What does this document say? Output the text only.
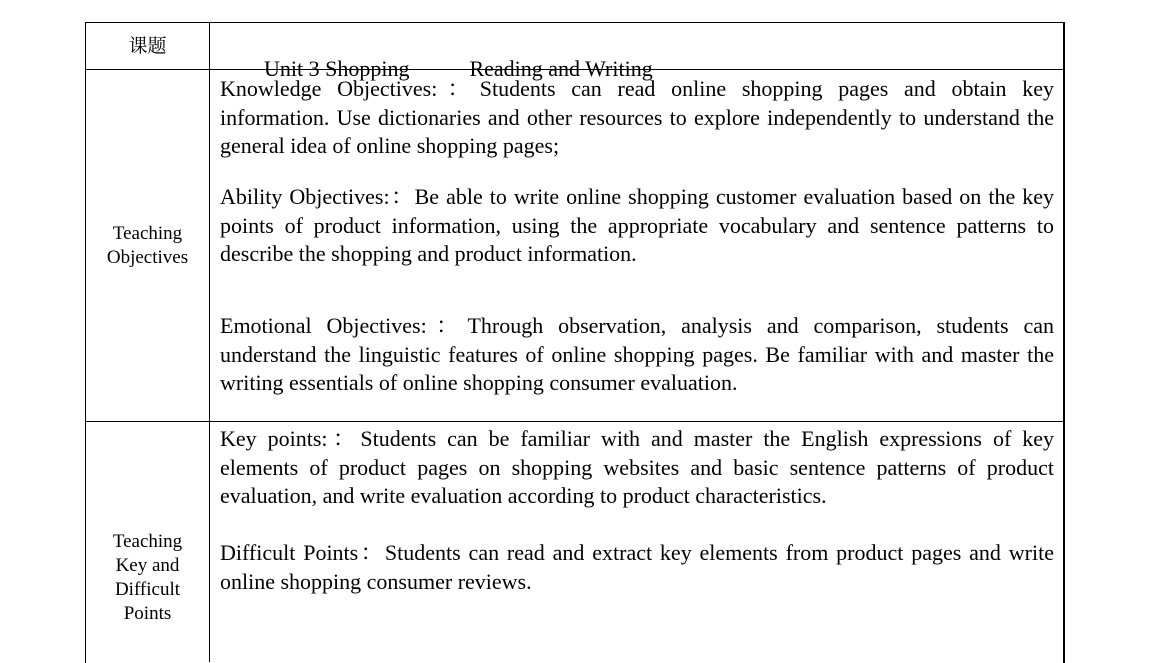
课题

Unit 3 Shopping	Reading and Writing

Teaching Objectives

Knowledge Objectives:：Students can read online shopping pages and obtain key information. Use dictionaries and other resources to explore independently to understand the general idea of online shopping pages;

Ability Objectives:：Be able to write online shopping customer evaluation based on the key points of product information, using the appropriate vocabulary and sentence patterns to describe the shopping and product information.

Emotional Objectives:：Through observation, analysis and comparison, students can understand the linguistic features of online shopping pages. Be familiar with and master the writing essentials of online shopping consumer evaluation.

Teaching Key and Difficult Points

Key points:：Students can be familiar with and master the English expressions of key elements of product pages on shopping websites and basic sentence patterns of product evaluation, and write evaluation according to product characteristics.

Difficult Points：Students can read and extract key elements from product pages and write online shopping consumer reviews.
